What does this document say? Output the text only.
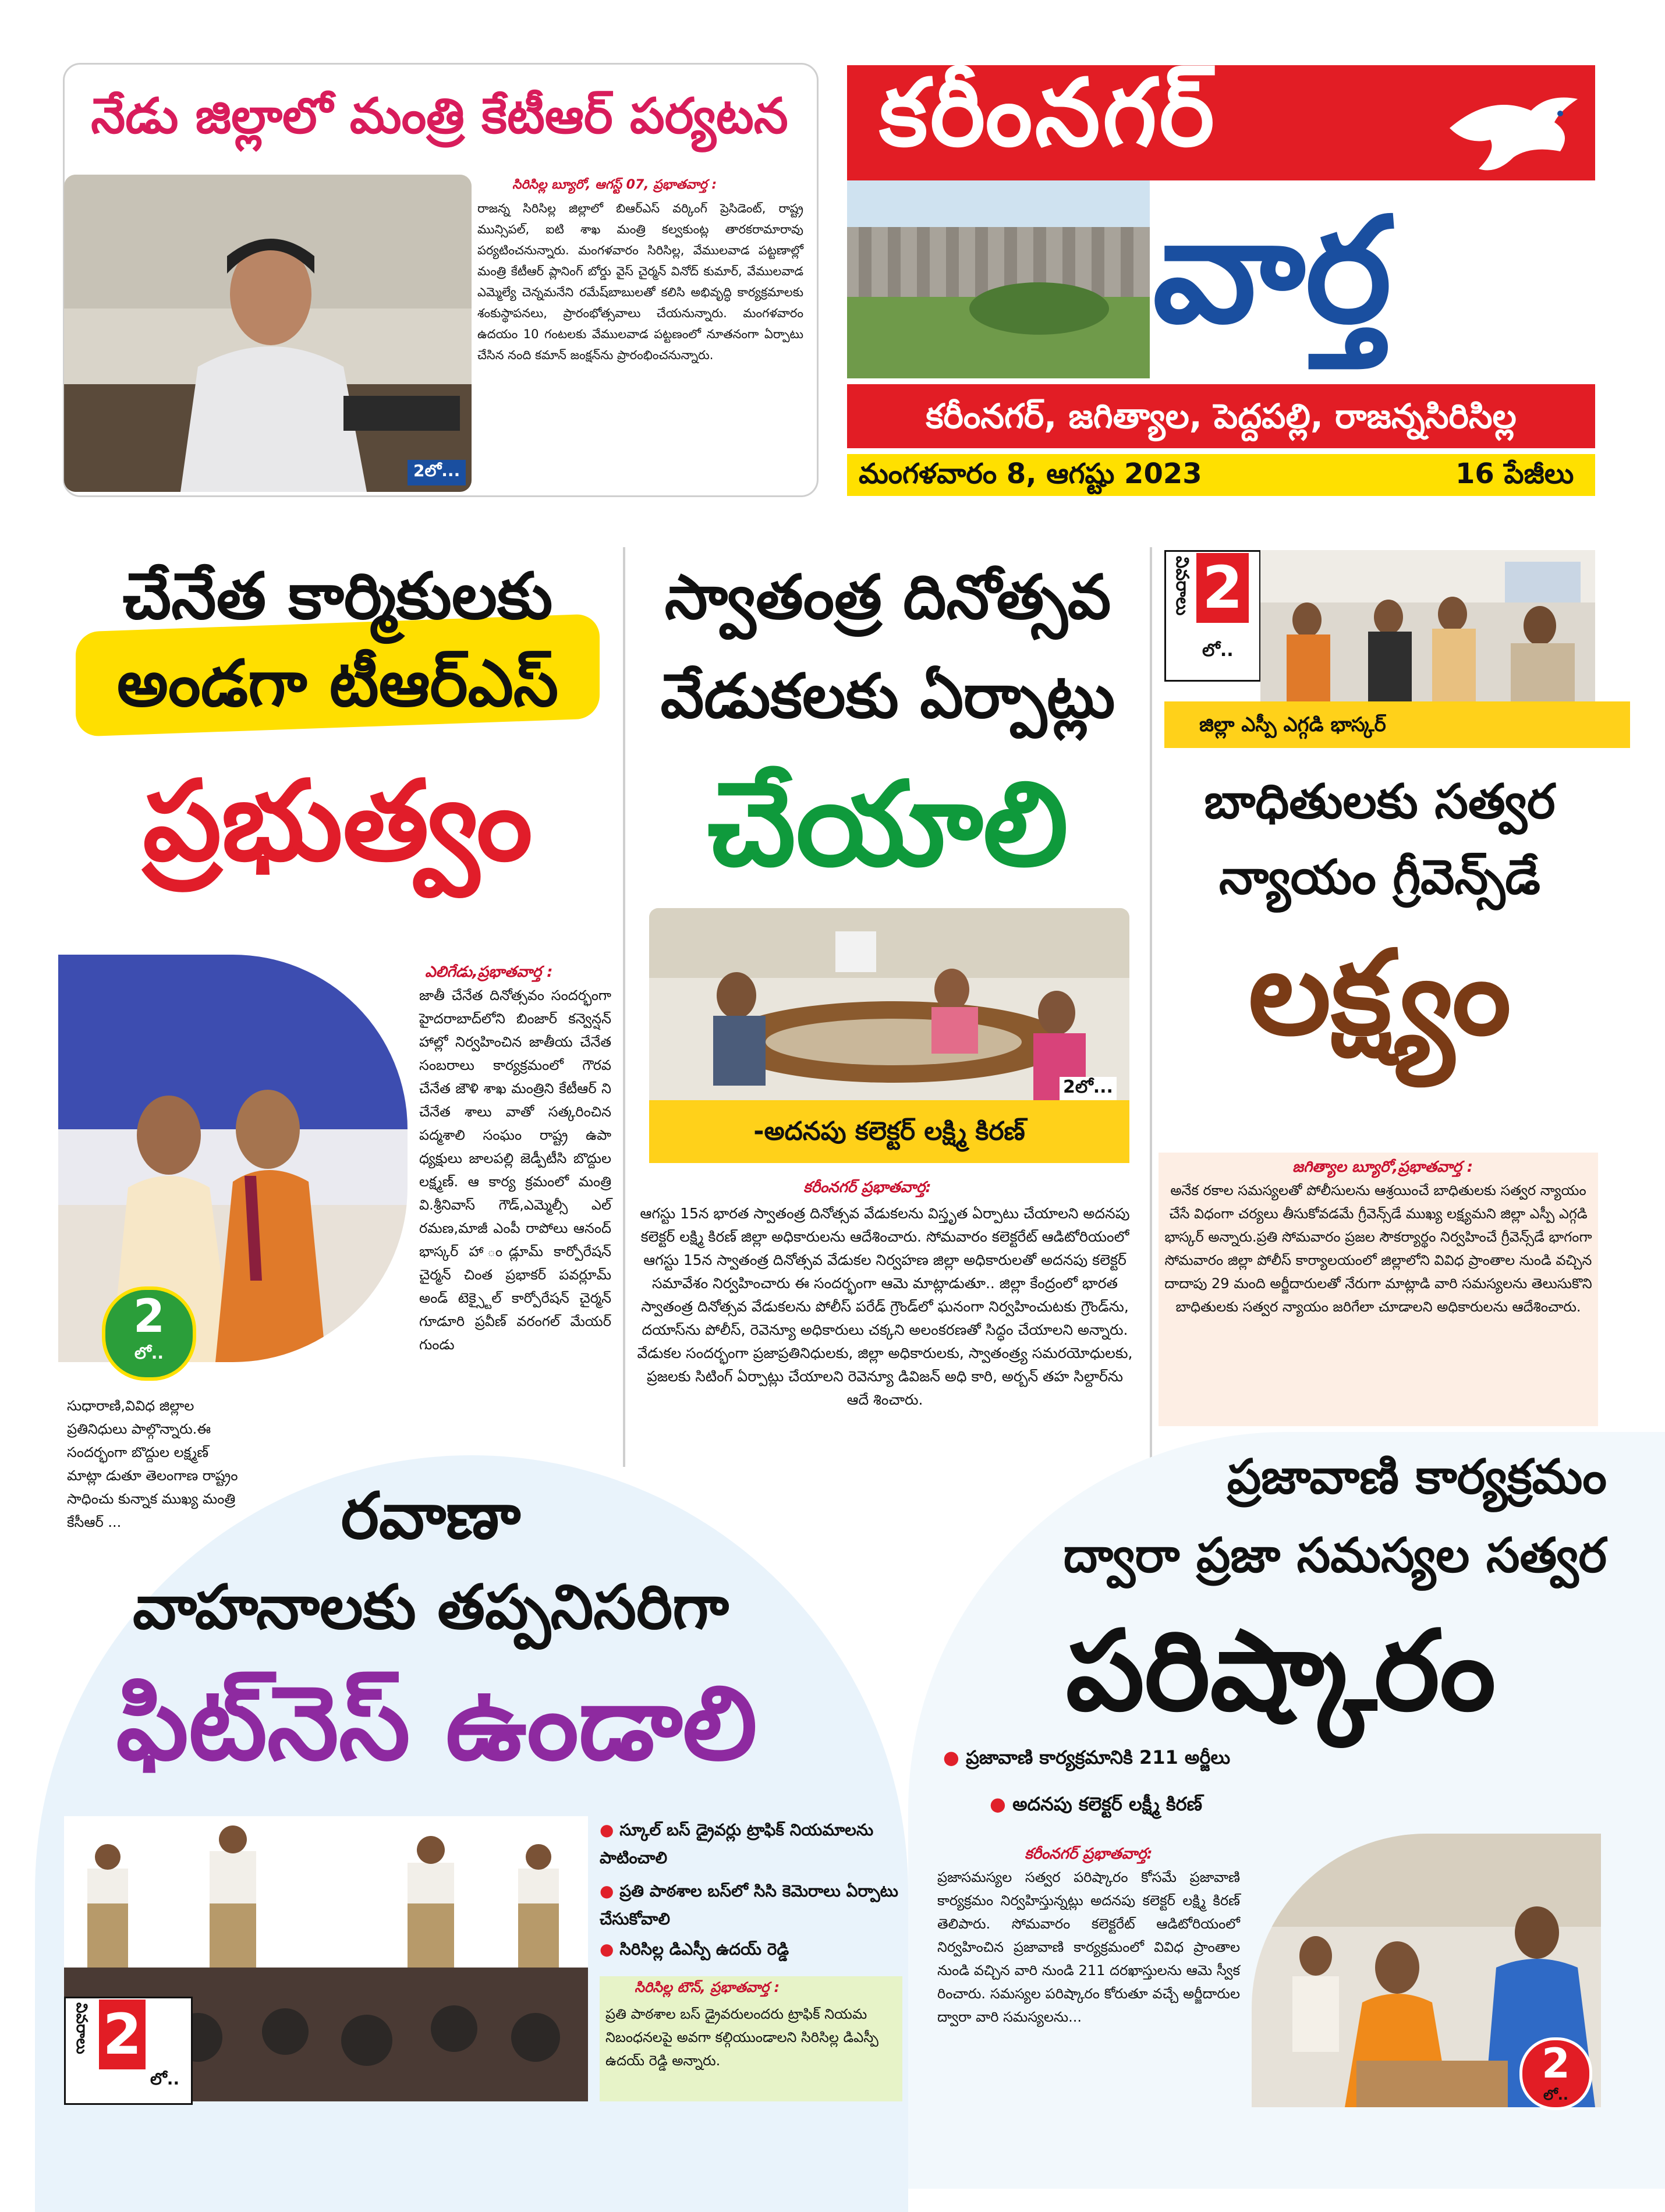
నేడు జిల్లాలో మంత్రి కేటీఆర్ పర్యటన
2లో...
సిరిసిల్ల బ్యూరో, ఆగస్ట్ 07, ప్రభాతవార్త :
రాజన్న సిరిసిల్ల జిల్లాలో బిఆర్ఎస్ వర్కింగ్ ప్రెసిడెంట్, రాష్ట్ర మున్సిపల్, ఐటి శాఖ మంత్రి కల్వకుంట్ల తారకరామారావు పర్యటించనున్నారు. మంగళవారం సిరిసిల్ల, వేములవాడ పట్టణాల్లో మంత్రి కేటీఆర్ ప్లానింగ్ బోర్డు వైస్ చైర్మన్ వినోద్ కుమార్, వేములవాడ ఎమ్మెల్యే చెన్నమనేని రమేష్‌బాబులతో కలిసి అభివృద్ధి కార్యక్రమాలకు శంకుస్థాపనలు, ప్రారంభోత్సవాలు చేయనున్నారు. మంగళవారం ఉదయం 10 గంటలకు వేములవాడ పట్టణంలో నూతనంగా ఏర్పాటు చేసిన నంది కమాన్ జంక్షన్‌ను ప్రారంభించనున్నారు.
కరీంనగర్
వార్త
కరీంనగర్, జగిత్యాల, పెద్దపల్లి, రాజన్నసిరిసిల్ల
మంగళవారం 8, ఆగష్టు 2023	16 పేజీలు
చేనేత కార్మికులకు
అండగా టీఆర్ఎస్
ప్రభుత్వం
2
లో..
ఎలిగేడు,ప్రభాతవార్త :
జాతీ చేనేత దినోత్సవం సందర్భంగా హైదరాబాద్‌లోని బింజార్ కన్వెన్షన్ హాల్లో నిర్వహించిన జాతీయ చేనేత సంబరాలు కార్యక్రమంలో గౌరవ చేనేత జౌళి శాఖ మంత్రిని కేటీఆర్ ని చేనేత శాలు వాతో సత్కరించిన పద్మశాలి సంఘం రాష్ట్ర ఉపా ధ్యక్షులు జాలపల్లి జెడ్పీటీసి బొద్దుల లక్ష్మణ్. ఆ కార్య క్రమంలో మంత్రి వి.శ్రీనివాస్ గౌడ్,ఎమ్మెల్సీ ఎల్ రమణ,మాజీ ఎంపీ రాపోలు ఆనంద్ భాస్కర్ హా ండ్లూమ్ కార్పోరేషన్ చైర్మన్ చింత ప్రభాకర్ పవర్లూమ్ అండ్ టెక్స్టైల్ కార్పోరేషన్ చైర్మన్ గూడూరి ప్రవీణ్ వరంగల్ మేయర్ గుండు
సుధారాణి,వివిధ జిల్లాల ప్రతినిధులు పాల్గొన్నారు.ఈ సందర్భంగా బొద్దుల లక్ష్మణ్ మాట్లా డుతూ తెలంగాణ రాష్ట్రం సాధించు కున్నాక ముఖ్య మంత్రి కేసీఆర్ ...
స్వాతంత్ర దినోత్సవ
వేడుకలకు ఏర్పాట్లు
చేయాలి
2లో...
-అదనపు కలెక్టర్ లక్ష్మి కిరణ్
కరీంనగర్ ప్రభాతవార్త:
ఆగస్టు 15న భారత స్వాతంత్ర దినోత్సవ వేడుకలను విస్తృత ఏర్పాటు చేయాలని అదనపు కలెక్టర్ లక్ష్మి కిరణ్ జిల్లా అధికారులను ఆదేశించారు. సోమవారం కలెక్టరేట్ ఆడిటోరియంలో ఆగస్టు 15న స్వాతంత్ర దినోత్సవ వేడుకల నిర్వహణ జిల్లా అధికారులతో అదనపు కలెక్టర్ సమావేశం నిర్వహించారు ఈ సందర్భంగా ఆమె మాట్లాడుతూ.. జిల్లా కేంద్రంలో భారత స్వాతంత్ర దినోత్సవ వేడుకలను పోలీస్ పరేడ్ గ్రౌండ్‌లో ఘనంగా నిర్వహించుటకు గ్రౌండ్‌ను, దయాస్‌ను పోలీస్, రెవెన్యూ అధికారులు చక్కని అలంకరణతో సిద్ధం చేయాలని అన్నారు. వేడుకల సందర్భంగా ప్రజాప్రతినిధులకు, జిల్లా అధికారులకు, స్వాతంత్ర్య సమరయోధులకు, ప్రజలకు సిటింగ్ ఏర్పాట్లు చేయాలని రెవెన్యూ డివిజన్ అధి కారి, అర్బన్ తహ సిల్దార్‌ను ఆదే శించారు.
వివరాలు 2
లో..
జిల్లా ఎస్పీ ఎగ్గడి భాస్కర్
బాధితులకు సత్వర
న్యాయం గ్రీవెన్స్‌డే
లక్ష్యం
జగిత్యాల బ్యూరో,ప్రభాతవార్త :
అనేక రకాల సమస్యలతో పోలీసులను ఆశ్రయించే బాధితులకు సత్వర న్యాయం చేసే విధంగా చర్యలు తీసుకోవడమే గ్రీవెన్స్‌డే ముఖ్య లక్ష్యమని జిల్లా ఎస్పీ ఎగ్గడి భాస్కర్ అన్నారు.ప్రతి సోమవారం ప్రజల సౌకర్యార్థం నిర్వహించే గ్రీవెన్స్‌డే భాగంగా సోమవారం జిల్లా పోలీస్ కార్యాలయంలో జిల్లాలోని వివిధ ప్రాంతాల నుండి వచ్చిన దాదాపు 29 మంది అర్జీదారులతో నేరుగా మాట్లాడి వారి సమస్యలను తెలుసుకొని బాధితులకు సత్వర న్యాయం జరిగేలా చూడాలని అధికారులను ఆదేశించారు.
రవాణా
వాహనాలకు తప్పనిసరిగా
ఫిట్‌నెస్ ఉండాలి
వివరాలు 2
లో..
● స్కూల్ బస్ డ్రైవర్లు ట్రాఫిక్ నియమాలను పాటించాలి
● ప్రతి పాఠశాల బస్‌లో సిసి కెమెరాలు ఏర్పాటు చేసుకోవాలి
● సిరిసిల్ల డిఎస్పీ ఉదయ్ రెడ్డి
సిరిసిల్ల టౌన్, ప్రభాతవార్త :
ప్రతి పాఠశాల బస్ డ్రైవరులందరు ట్రాఫిక్ నియమ నిబంధనలపై అవగా కల్గియుండాలని సిరిసిల్ల డిఎస్పీ ఉదయ్ రెడ్డి అన్నారు.
ప్రజావాణి కార్యక్రమం
ద్వారా ప్రజా సమస్యల సత్వర
పరిష్కారం
● ప్రజావాణి కార్యక్రమానికి 211 అర్జీలు
● అదనపు కలెక్టర్ లక్ష్మీ కిరణ్
కరీంనగర్ ప్రభాతవార్త:
ప్రజాసమస్యల సత్వర పరిష్కారం కోసమే ప్రజావాణి కార్యక్రమం నిర్వహిస్తున్నట్లు అదనపు కలెక్టర్ లక్ష్మి కిరణ్ తెలిపారు. సోమవారం కలెక్టరేట్ ఆడిటోరియంలో నిర్వహించిన ప్రజావాణి కార్యక్రమంలో వివిధ ప్రాంతాల నుండి వచ్చిన వారి నుండి 211 దరఖాస్తులను ఆమె స్వీక రించారు. సమస్యల పరిష్కారం కోరుతూ వచ్చే అర్జీదారుల ద్వారా వారి సమస్యలను...
2
లో..
